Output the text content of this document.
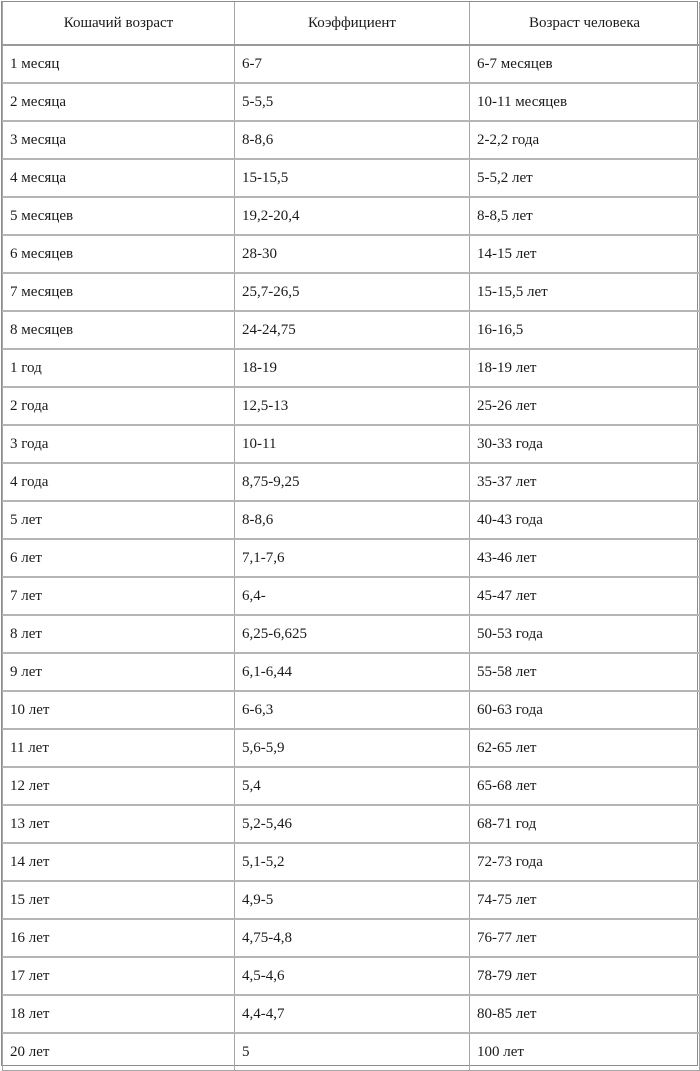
Кошачий возраст	Коэффициент	Возраст человека
1 месяц	6-7	6-7 месяцев
2 месяца	5-5,5	10-11 месяцев
3 месяца	8-8,6	2-2,2 года
4 месяца	15-15,5	5-5,2 лет
5 месяцев	19,2-20,4	8-8,5 лет
6 месяцев	28-30	14-15 лет
7 месяцев	25,7-26,5	15-15,5 лет
8 месяцев	24-24,75	16-16,5
1 год	18-19	18-19 лет
2 года	12,5-13	25-26 лет
3 года	10-11	30-33 года
4 года	8,75-9,25	35-37 лет
5 лет	8-8,6	40-43 года
6 лет	7,1-7,6	43-46 лет
7 лет	6,4-	45-47 лет
8 лет	6,25-6,625	50-53 года
9 лет	6,1-6,44	55-58 лет
10 лет	6-6,3	60-63 года
11 лет	5,6-5,9	62-65 лет
12 лет	5,4	65-68 лет
13 лет	5,2-5,46	68-71 год
14 лет	5,1-5,2	72-73 года
15 лет	4,9-5	74-75 лет
16 лет	4,75-4,8	76-77 лет
17 лет	4,5-4,6	78-79 лет
18 лет	4,4-4,7	80-85 лет
20 лет	5	100 лет
